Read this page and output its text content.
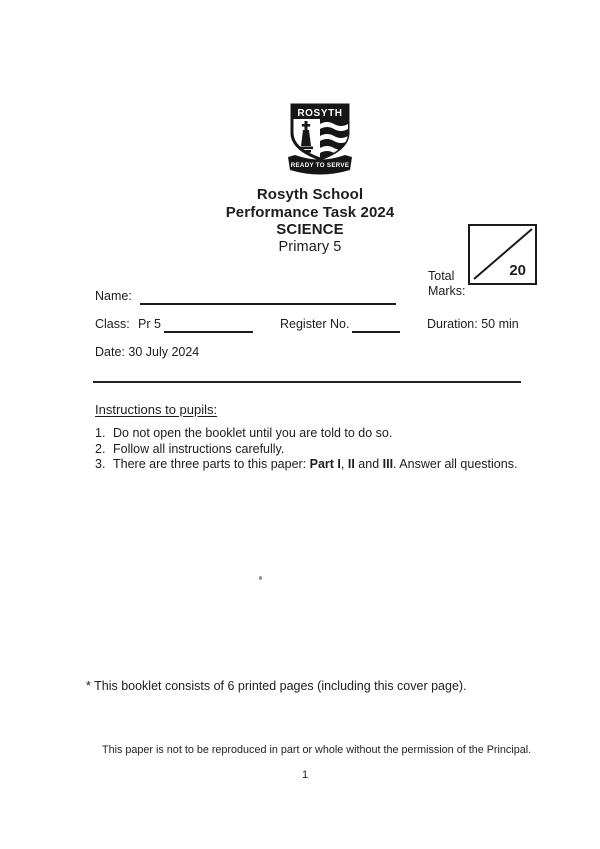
ROSYTH
READY TO SERVE
Rosyth School
Performance Task 2024
SCIENCE
Primary 5
Total
Marks:
20
Name:
Class: Pr 5	Register No.	Duration: 50 min
Date: 30 July 2024
Instructions to pupils:
1. Do not open the booklet until you are told to do so.
2. Follow all instructions carefully.
3. There are three parts to this paper: Part I, II and III. Answer all questions.
* This booklet consists of 6 printed pages (including this cover page).
This paper is not to be reproduced in part or whole without the permission of the Principal.
1
